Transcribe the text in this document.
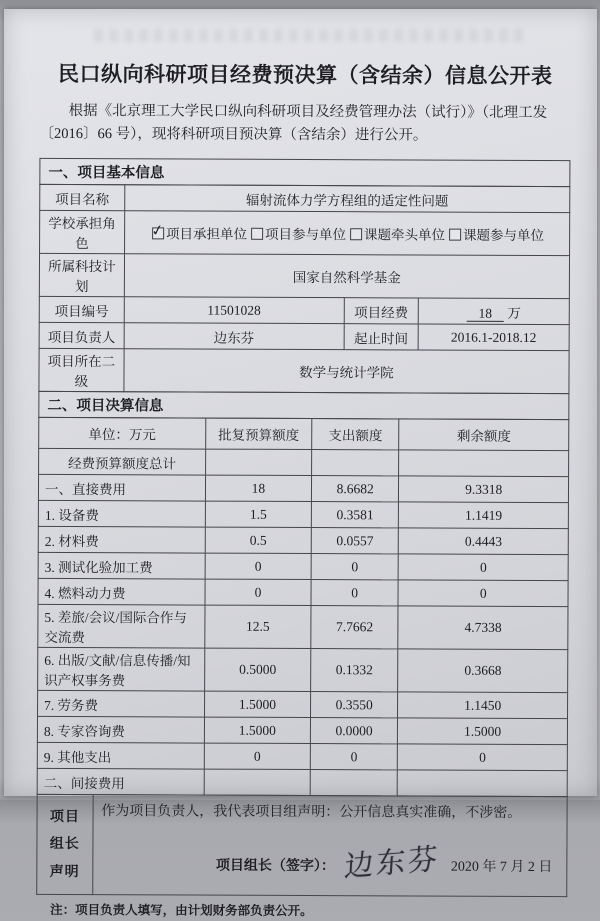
民口纵向科研项目经费预决算（含结余）信息公开表

根据《北京理工大学民口纵向科研项目及经费管理办法（试行）》（北理工发〔2016〕66 号），现将科研项目预决算（含结余）进行公开。

一、项目基本信息
项目名称	辐射流体力学方程组的适定性问题		
学校承担角色	✓项目承担单位 项目参与单位 课题牵头单位 课题参与单位
所属科技计划	国家自然科学基金		
项目编号	11501028	项目经费	18 万
项目负责人	边东芬	起止时间	2016.1-2018.12
项目所在二级	数学与统计学院		
二、项目决算信息
单位：万元	批复预算额度	支出额度	剩余额度
经费预算额度总计			
一、直接费用	18	8.6682	9.3318
1. 设备费	1.5	0.3581	1.1419
2. 材料费	0.5	0.0557	0.4443
3. 测试化验加工费	0	0	0
4. 燃料动力费	0	0	0
5. 差旅/会议/国际合作与交流费	12.5	7.7662	4.7338
6. 出版/文献/信息传播/知识产权事务费	0.5000	0.1332	0.3668
7. 劳务费	1.5000	0.3550	1.1450
8. 专家咨询费	1.5000	0.0000	1.5000
9. 其他支出	0	0	0
二、间接费用			
项目
组长
声明

作为项目负责人，我代表项目组声明：公开信息真实准确，不涉密。
项目组长（签字）： 边东芬 2020 年 7 月 2 日

注：项目负责人填写，由计划财务部负责公开。
